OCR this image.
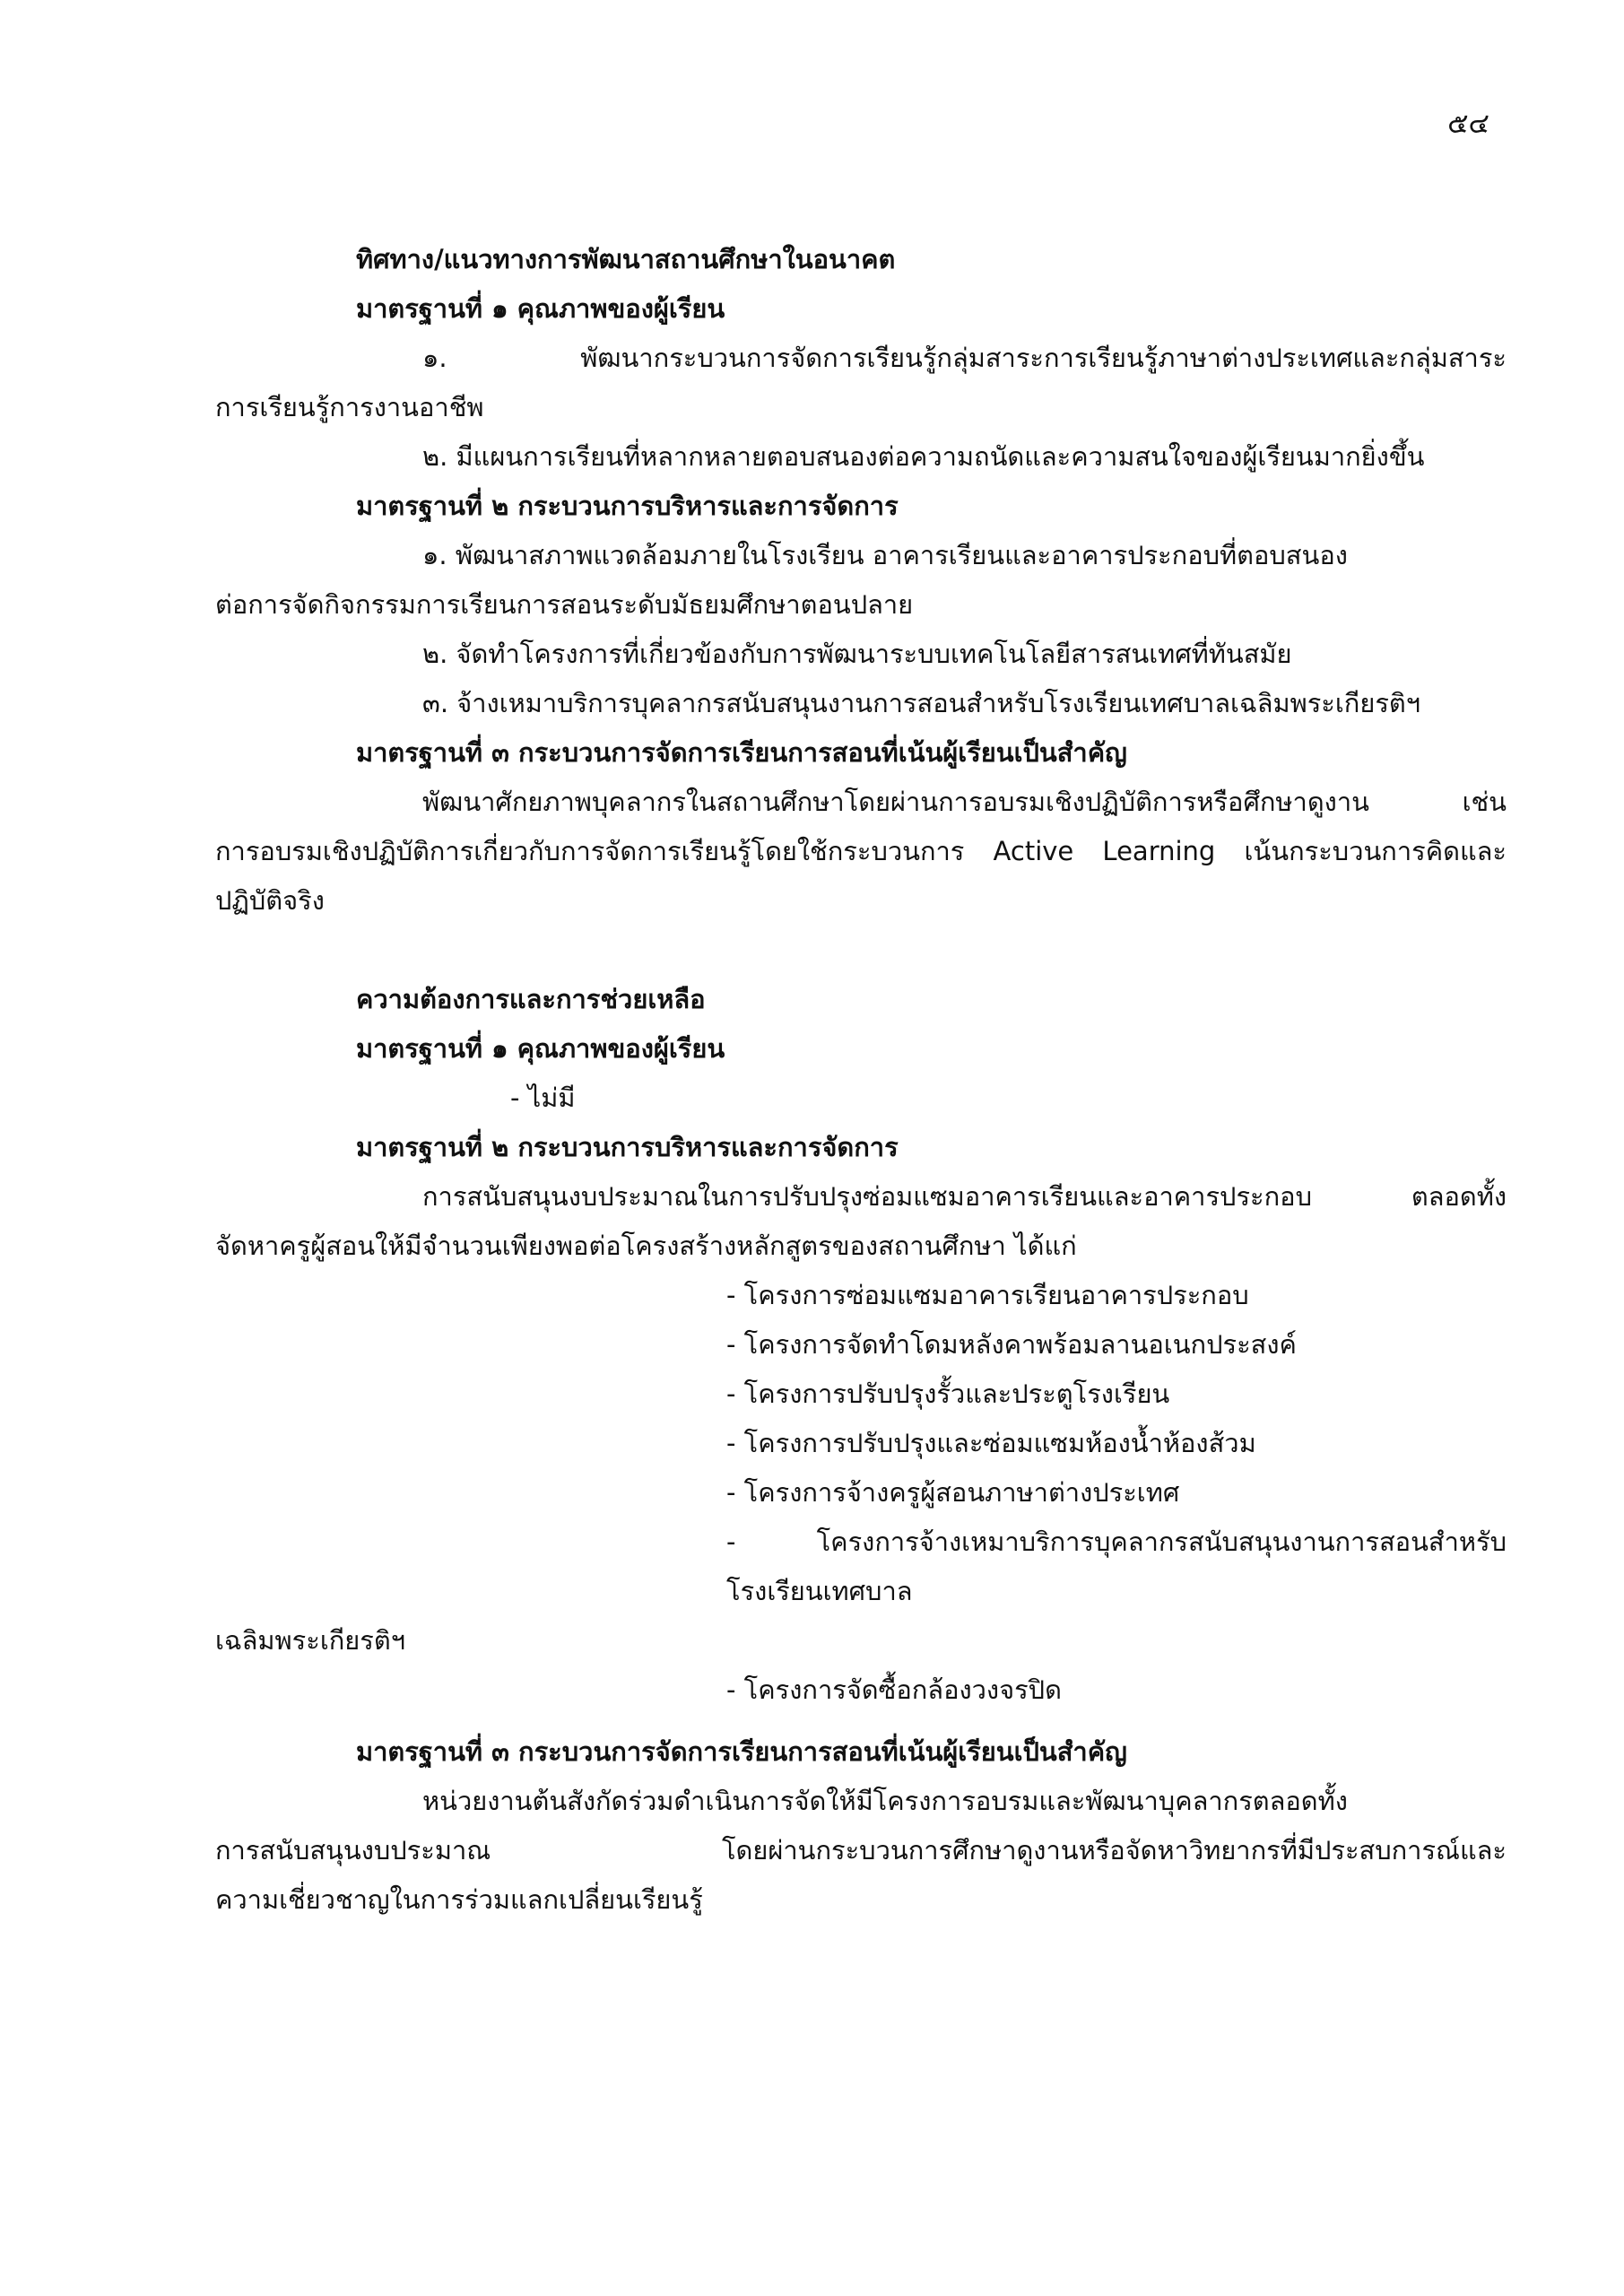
๕๔
ทิศทาง/แนวทางการพัฒนาสถานศึกษาในอนาคต
มาตรฐานที่ ๑ คุณภาพของผู้เรียน
๑. พัฒนากระบวนการจัดการเรียนรู้กลุ่มสาระการเรียนรู้ภาษาต่างประเทศและกลุ่มสาระ
การเรียนรู้การงานอาชีพ
๒. มีแผนการเรียนที่หลากหลายตอบสนองต่อความถนัดและความสนใจของผู้เรียนมากยิ่งขึ้น
มาตรฐานที่ ๒ กระบวนการบริหารและการจัดการ
๑. พัฒนาสภาพแวดล้อมภายในโรงเรียน อาคารเรียนและอาคารประกอบที่ตอบสนอง
ต่อการจัดกิจกรรมการเรียนการสอนระดับมัธยมศึกษาตอนปลาย
๒. จัดทำโครงการที่เกี่ยวข้องกับการพัฒนาระบบเทคโนโลยีสารสนเทศที่ทันสมัย
๓. จ้างเหมาบริการบุคลากรสนับสนุนงานการสอนสำหรับโรงเรียนเทศบาลเฉลิมพระเกียรติฯ
มาตรฐานที่ ๓ กระบวนการจัดการเรียนการสอนที่เน้นผู้เรียนเป็นสำคัญ
พัฒนาศักยภาพบุคลากรในสถานศึกษาโดยผ่านการอบรมเชิงปฏิบัติการหรือศึกษาดูงาน เช่น
การอบรมเชิงปฏิบัติการเกี่ยวกับการจัดการเรียนรู้โดยใช้กระบวนการ Active Learning เน้นกระบวนการคิดและ
ปฏิบัติจริง
ความต้องการและการช่วยเหลือ
มาตรฐานที่ ๑ คุณภาพของผู้เรียน
- ไม่มี
มาตรฐานที่ ๒ กระบวนการบริหารและการจัดการ
การสนับสนุนงบประมาณในการปรับปรุงซ่อมแซมอาคารเรียนและอาคารประกอบ ตลอดทั้ง
จัดหาครูผู้สอนให้มีจำนวนเพียงพอต่อโครงสร้างหลักสูตรของสถานศึกษา ได้แก่
- โครงการซ่อมแซมอาคารเรียนอาคารประกอบ
- โครงการจัดทำโดมหลังคาพร้อมลานอเนกประสงค์
- โครงการปรับปรุงรั้วและประตูโรงเรียน
- โครงการปรับปรุงและซ่อมแซมห้องน้ำห้องส้วม
- โครงการจ้างครูผู้สอนภาษาต่างประเทศ
- โครงการจ้างเหมาบริการบุคลากรสนับสนุนงานการสอนสำหรับโรงเรียนเทศบาล
เฉลิมพระเกียรติฯ
- โครงการจัดซื้อกล้องวงจรปิด
มาตรฐานที่ ๓ กระบวนการจัดการเรียนการสอนที่เน้นผู้เรียนเป็นสำคัญ
หน่วยงานต้นสังกัดร่วมดำเนินการจัดให้มีโครงการอบรมและพัฒนาบุคลากรตลอดทั้ง
การสนับสนุนงบประมาณ โดยผ่านกระบวนการศึกษาดูงานหรือจัดหาวิทยากรที่มีประสบการณ์และ
ความเชี่ยวชาญในการร่วมแลกเปลี่ยนเรียนรู้
